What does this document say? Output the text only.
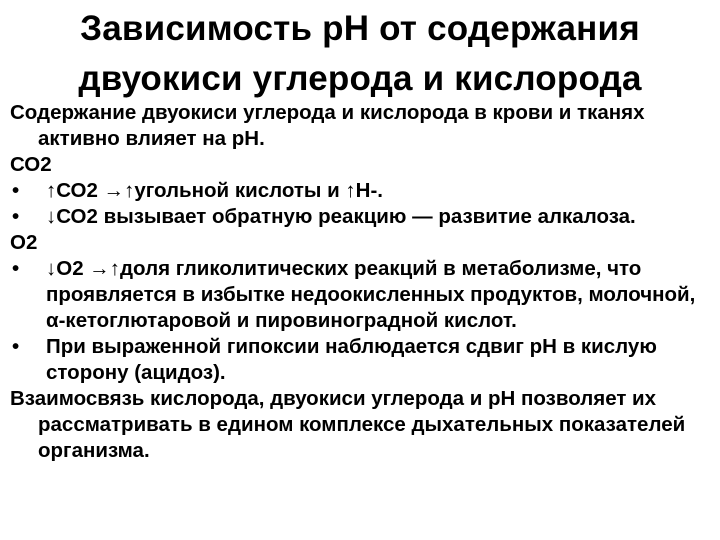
Зависимость рН от содержания
двуокиси углерода и кислорода

Содержание двуокиси углерода и кислорода в крови и тканях активно влияет на рН.

СО2

• ↑СО2 →↑угольной кислоты и ↑Н-.

• ↓СО2 вызывает обратную реакцию — развитие алкалоза.

О2

• ↓О2 →↑доля гликолитических реакций в метаболизме, что проявляется в избытке недоокисленных продуктов, молочной, α-кетоглютаровой и пировиноградной кислот.

• При выраженной гипоксии наблюдается сдвиг рН в кислую сторону (ацидоз).

Взаимосвязь кислорода, двуокиси углерода и рН позволяет их рассматривать в едином комплексе дыхательных показателей организма.
